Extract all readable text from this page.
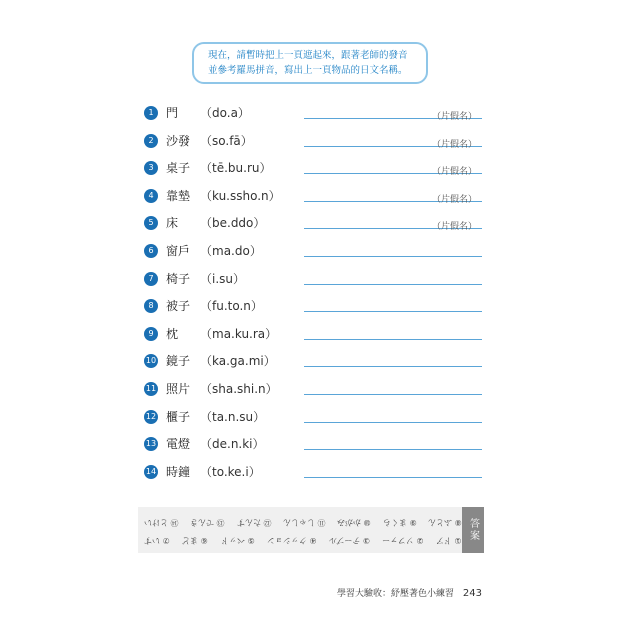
現在，請暫時把上一頁遮起來，跟著老師的發音
並參考羅馬拼音，寫出上一頁物品的日文名稱。
1	門 （do.a）	（片假名）
2	沙發 （so.fā）	（片假名）
3	桌子 （tē.bu.ru）	（片假名）
4	靠墊 （ku.ssho.n）	（片假名）
5	床 （be.ddo）	（片假名）
6	窗戶 （ma.do）
7	椅子 （i.su）
8	被子 （fu.to.n）
9	枕 （ma.ku.ra）
10 鏡子 （ka.ga.mi）
11 照片 （sha.shi.n）
12 櫃子 （ta.n.su）
13 電燈 （de.n.ki）
14 時鐘 （to.ke.i）
⑭ とけい ⑬ でんき ⑫ たんす ⑪ しゃしん ⑩ かがみ ⑨ まくら ⑧ ふとん
⑦ いす ⑥ まど ⑤ ベッド ④ クッション ③ テーブル ② ソファー ① ドア 答案
學習大驗收：紓壓著色小練習 243
